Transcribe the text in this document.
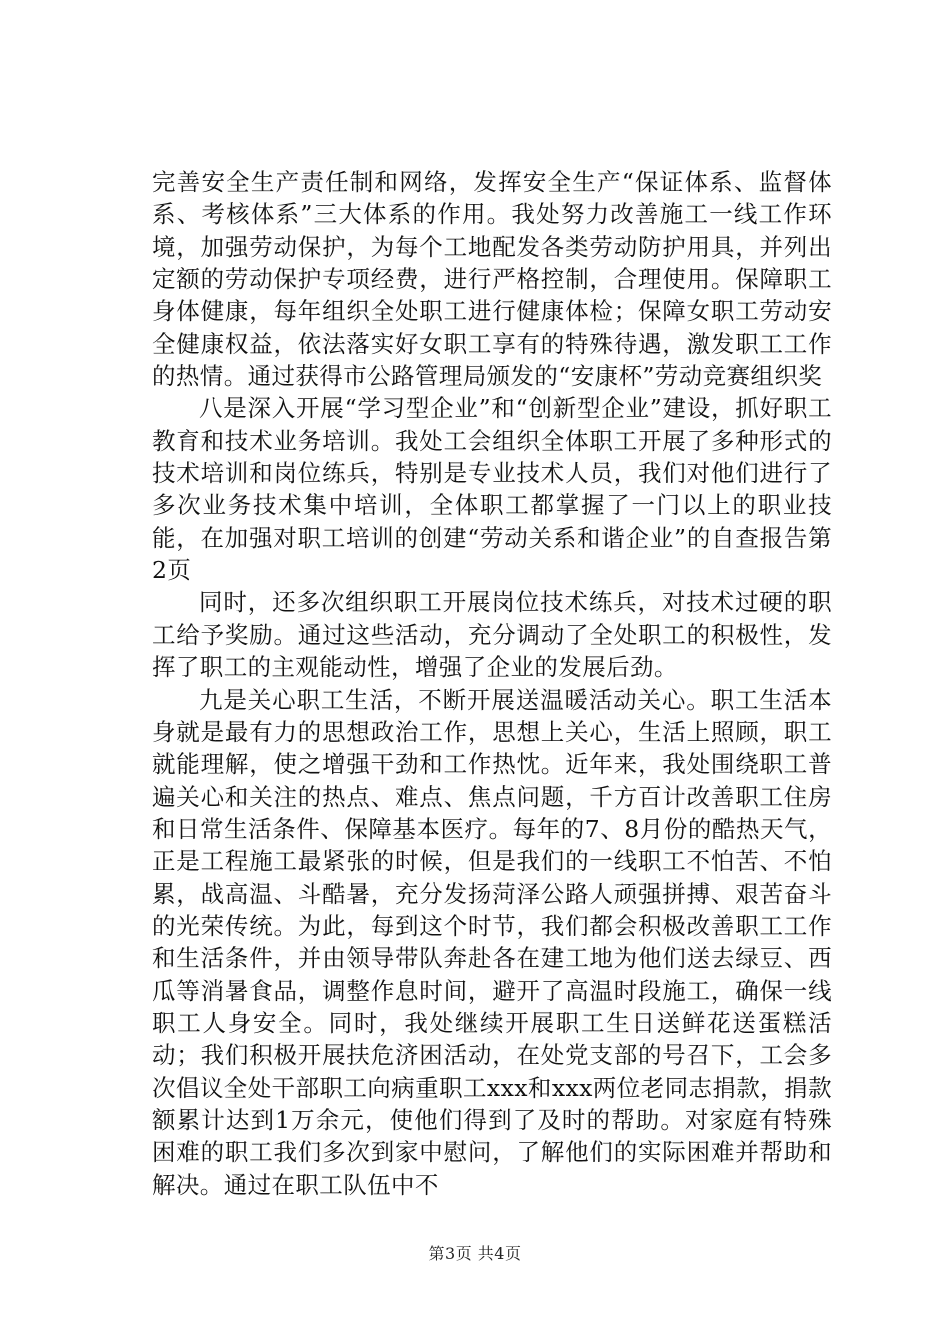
完善安全生产责任制和网络，发挥安全生产“保证体系、监督体系、考核体系”三大体系的作用。我处努力改善施工一线工作环境，加强劳动保护，为每个工地配发各类劳动防护用具，并列出定额的劳动保护专项经费，进行严格控制，合理使用。保障职工身体健康，每年组织全处职工进行健康体检；保障女职工劳动安全健康权益，依法落实好女职工享有的特殊待遇，激发职工工作的热情。通过获得市公路管理局颁发的“安康杯”劳动竞赛组织奖

八是深入开展“学习型企业”和“创新型企业”建设，抓好职工教育和技术业务培训。我处工会组织全体职工开展了多种形式的技术培训和岗位练兵，特别是专业技术人员，我们对他们进行了多次业务技术集中培训，全体职工都掌握了一门以上的职业技能，在加强对职工培训的创建“劳动关系和谐企业”的自查报告第2页

同时，还多次组织职工开展岗位技术练兵，对技术过硬的职工给予奖励。通过这些活动，充分调动了全处职工的积极性，发挥了职工的主观能动性，增强了企业的发展后劲。

九是关心职工生活，不断开展送温暖活动关心。职工生活本身就是最有力的思想政治工作，思想上关心，生活上照顾，职工就能理解，使之增强干劲和工作热忱。近年来，我处围绕职工普遍关心和关注的热点、难点、焦点问题，千方百计改善职工住房和日常生活条件、保障基本医疗。每年的7、8月份的酷热天气，正是工程施工最紧张的时候，但是我们的一线职工不怕苦、不怕累，战高温、斗酷暑，充分发扬菏泽公路人顽强拼搏、艰苦奋斗的光荣传统。为此，每到这个时节，我们都会积极改善职工工作和生活条件，并由领导带队奔赴各在建工地为他们送去绿豆、西瓜等消暑食品，调整作息时间，避开了高温时段施工，确保一线职工人身安全。同时，我处继续开展职工生日送鲜花送蛋糕活动；我们积极开展扶危济困活动，在处党支部的号召下，工会多次倡议全处干部职工向病重职工xxx和xxx两位老同志捐款，捐款额累计达到1万余元，使他们得到了及时的帮助。对家庭有特殊困难的职工我们多次到家中慰问，了解他们的实际困难并帮助和解决。通过在职工队伍中不

第3页 共4页
